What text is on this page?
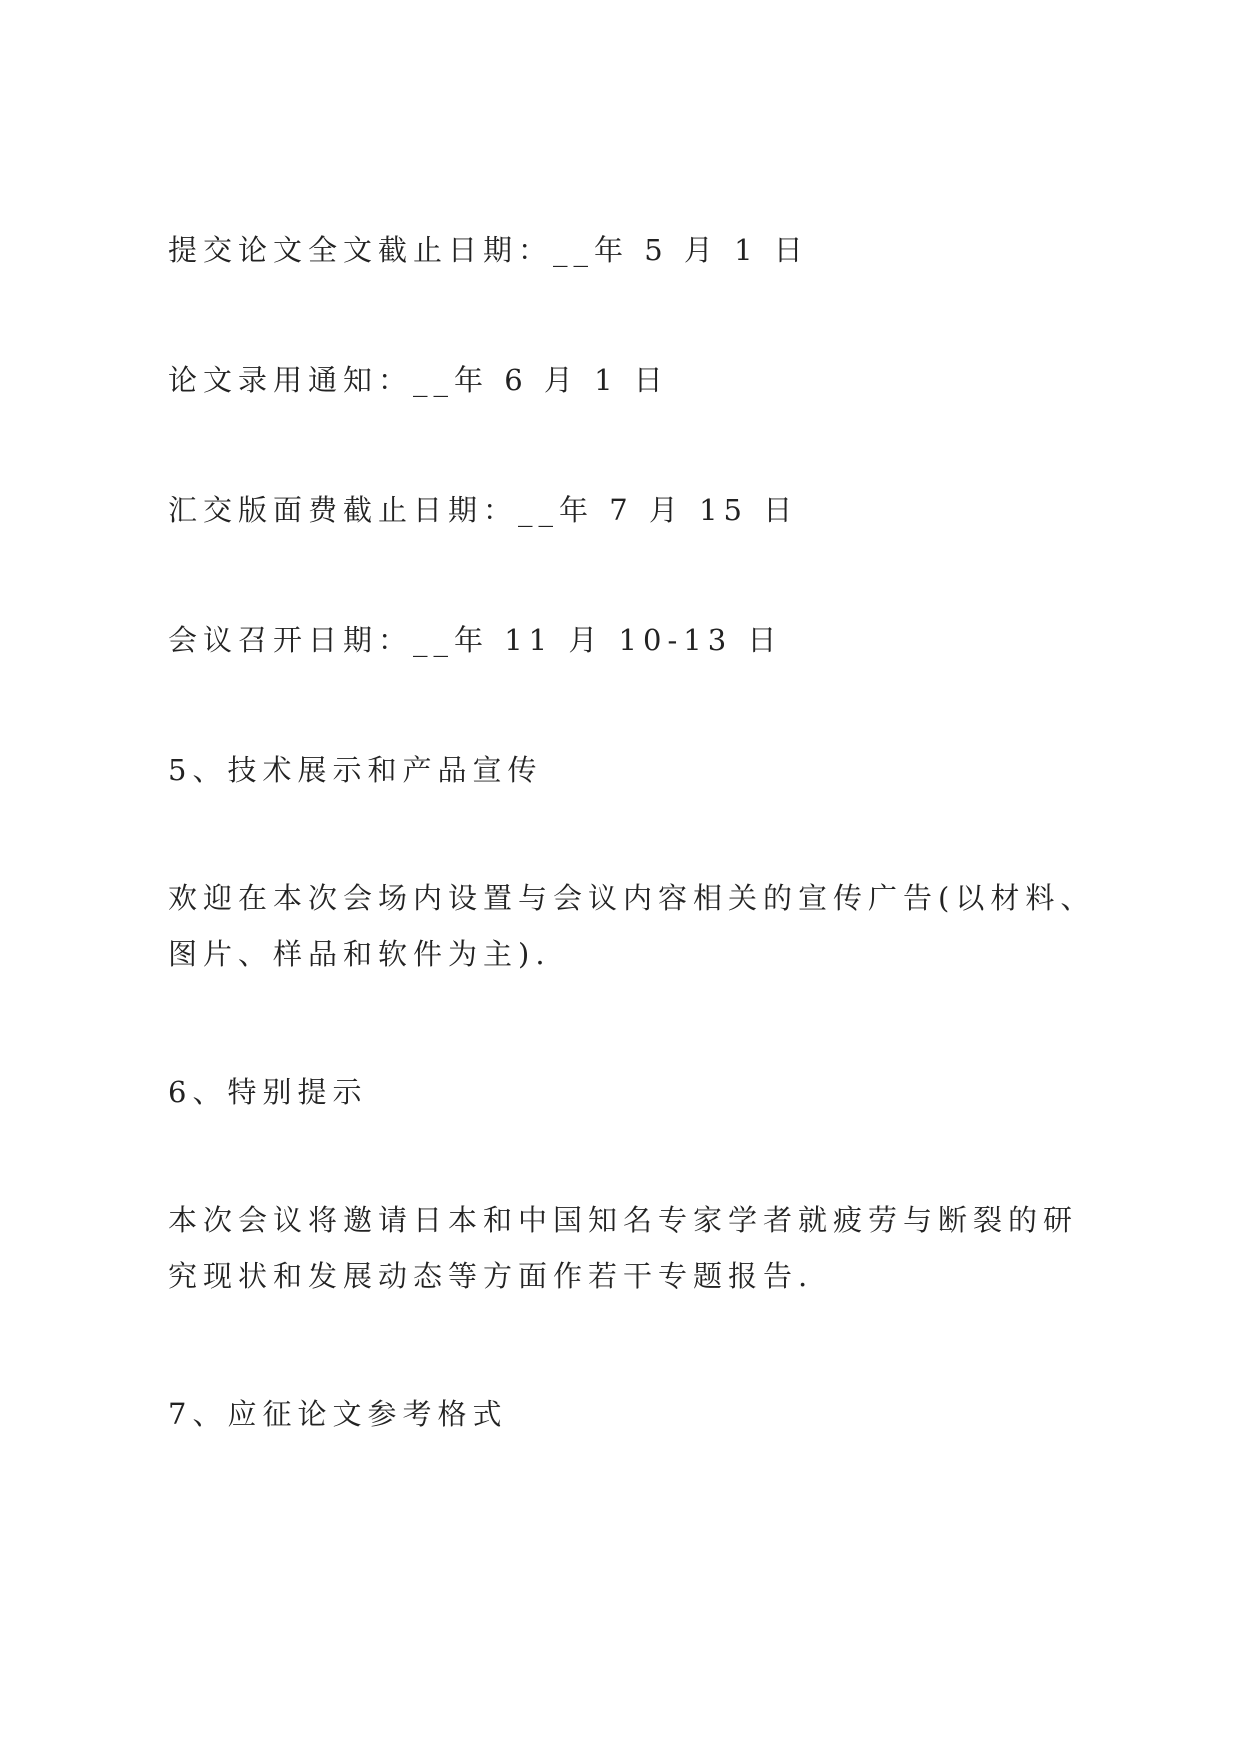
提交论文全文截止日期：__年 5 月 1 日
论文录用通知：__年 6 月 1 日
汇交版面费截止日期：__年 7 月 15 日
会议召开日期：__年 11 月 10-13 日
5、技术展示和产品宣传
欢迎在本次会场内设置与会议内容相关的宣传广告(以材料、图片、样品和软件为主).
6、特别提示
本次会议将邀请日本和中国知名专家学者就疲劳与断裂的研究现状和发展动态等方面作若干专题报告.
7、应征论文参考格式
